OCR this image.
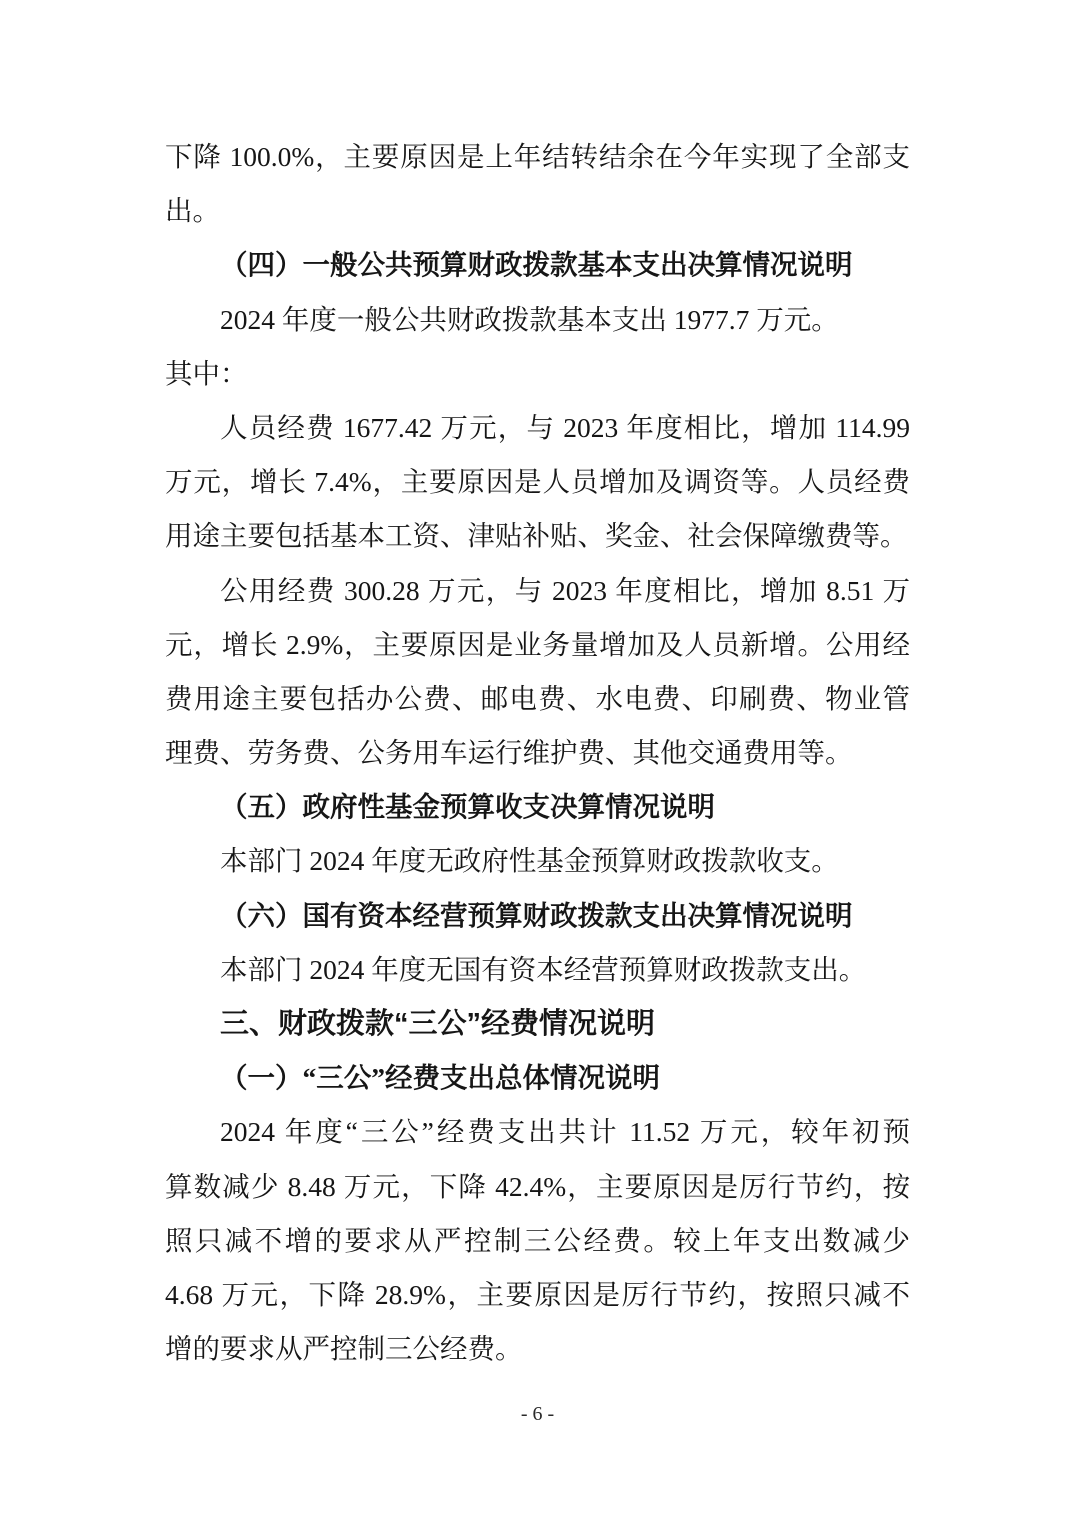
下降 100.0%，主要原因是上年结转结余在今年实现了全部支
出。
（四）一般公共预算财政拨款基本支出决算情况说明
2024 年度一般公共财政拨款基本支出 1977.7 万元。
其中：
人员经费 1677.42 万元，与 2023 年度相比，增加 114.99
万元，增长 7.4%，主要原因是人员增加及调资等。人员经费
用途主要包括基本工资、津贴补贴、奖金、社会保障缴费等。
公用经费 300.28 万元，与 2023 年度相比，增加 8.51 万
元，增长 2.9%，主要原因是业务量增加及人员新增。公用经
费用途主要包括办公费、邮电费、水电费、印刷费、物业管
理费、劳务费、公务用车运行维护费、其他交通费用等。
（五）政府性基金预算收支决算情况说明
本部门 2024 年度无政府性基金预算财政拨款收支。
（六）国有资本经营预算财政拨款支出决算情况说明
本部门 2024 年度无国有资本经营预算财政拨款支出。
三、财政拨款“三公”经费情况说明
（一）“三公”经费支出总体情况说明
2024 年度“三公”经费支出共计 11.52 万元，较年初预
算数减少 8.48 万元，下降 42.4%，主要原因是厉行节约，按
照只减不增的要求从严控制三公经费。较上年支出数减少
4.68 万元，下降 28.9%，主要原因是厉行节约，按照只减不
增的要求从严控制三公经费。
- 6 -
